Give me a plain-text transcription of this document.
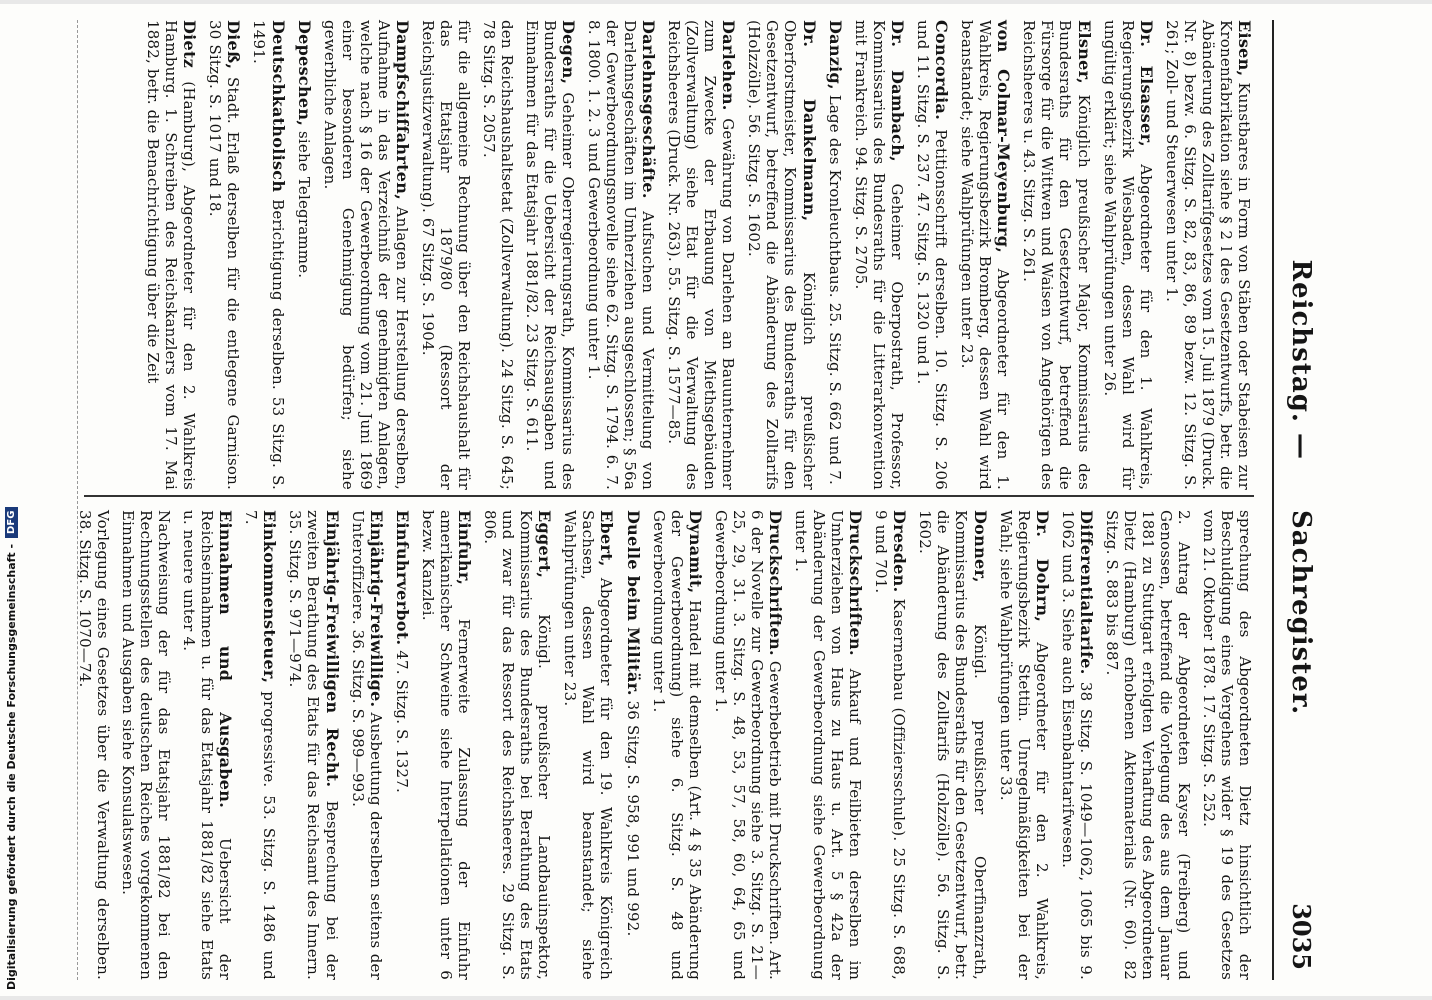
Digitalisierung gefördert durch die Deutsche Forschungsgemeinschaft -
DFG
Reichstag. —
Sachregister.
3035

Eisen, Kunstbares in Form von Stäben oder Stabeisen zur Kronenfabrikation siehe § 2 l des Gesetzentwurfs, betr. die Abänderung des Zolltarifgesetzes vom 15. Juli 1879 (Druck. Nr. 8) bezw. 6. Sitzg. S. 82, 83, 86, 89 bezw. 12. Sitzg. S. 261; Zoll- und Steuerwesen unter 1.

Dr. Elsasser, Abgeordneter für den 1. Wahlkreis, Regierungsbezirk Wiesbaden, dessen Wahl wird für ungültig erklärt; siehe Wahlprüfungen unter 26.

Elsner, Königlich preußischer Major, Kommissarius des Bundesraths für den Gesetzentwurf, betreffend die Fürsorge für die Wittwen und Waisen von Angehörigen des Reichsheeres u. 43. Sitzg. S. 261.

von Colmar-Meyenburg, Abgeordneter für den 1. Wahlkreis, Regierungsbezirk Bromberg, dessen Wahl wird beanstandet; siehe Wahlprüfungen unter 23.

Concordia. Petitionsschrift derselben. 10. Sitzg. S. 206 und 11. Sitzg. S. 237. 47. Sitzg. S. 1320 und 1.

Dr. Dambach, Geheimer Oberpostrath, Professor, Kommissarius des Bundesraths für die Litterarkonvention mit Frankreich. 94. Sitzg. S. 2705.

Danzig, Lage des Kronleuchtbaus. 25. Sitzg. S. 662 und 7.

Dr. Dankelmann, Königlich preußischer Oberforstmeister, Kommissarius des Bundesraths für den Gesetzentwurf, betreffend die Abänderung des Zolltarifs (Holzzölle). 56. Sitzg. S. 1602.

Darlehen. Gewährung von Darlehen an Bauunternehmer zum Zwecke der Erbauung von Miethsgebäuden (Zollverwaltung) siehe Etat für die Verwaltung des Reichsheeres (Druck. Nr. 263). 55. Sitzg. S. 1577—85.

Darlehnsgeschäfte. Aufsuchen und Vermittelung von Darlehnsgeschäften im Umherziehen ausgeschlossen; § 56a der Gewerbeordnungsnovelle siehe 62. Sitzg. S. 1794. 6. 7. 8. 1800. 1. 2. 3 und Gewerbeordnung unter 1.

Degen, Geheimer Oberregierungsrath, Kommissarius des Bundesraths für die Uebersicht der Reichsausgaben und Einnahmen für das Etatsjahr 1881/82. 23 Sitzg. S. 611.

den Reichshaushaltsetat (Zollverwaltung). 24 Sitzg. S. 645; 78 Sitzg. S. 2057.

für die allgemeine Rechnung über den Reichshaushalt für das Etatsjahr 1879/80 (Ressort der Reichsjustizverwaltung). 67 Sitzg. S. 1904.

Dampfschiffahrten, Anlagen zur Herstellung derselben, Aufnahme in das Verzeichniß der genehmigten Anlagen, welche nach § 16 der Gewerbeordnung vom 21. Juni 1869 einer besonderen Genehmigung bedürfen; siehe gewerbliche Anlagen.

Depeschen, siehe Telegramme.

Deutschkatholisch Berichtigung derselben. 53 Sitzg. S. 1491.

Dieß, Stadt. Erlaß derselben für die entlegene Garnison. 30 Sitzg. S. 1017 und 18.

Dietz (Hamburg), Abgeordneter für den 2. Wahlkreis Hamburg. 1. Schreiben des Reichskanzlers vom 17. Mai 1882, betr. die Benachrichtigung über die Zeit

sprechung des Abgeordneten Dietz hinsichtlich der Beschuldigung eines Vergehens wider § 19 des Gesetzes vom 21. Oktober 1878. 17. Sitzg. S. 252.

2. Antrag der Abgeordneten Kayser (Freiberg) und Genossen, betreffend die Vorlegung des aus dem Januar 1881 zu Stuttgart erfolgten Verhaftung des Abgeordneten Dietz (Hamburg) erhobenen Aktenmaterials (Nr. 60). 82 Sitzg. S. 883 bis 887.

Differentialtarife. 38 Sitzg. S. 1049—1062, 1065 bis 9. 1062 und 3. Siehe auch Eisenbahntarifwesen.

Dr. Dohrn, Abgeordneter für den 2. Wahlkreis, Regierungsbezirk Stettin. Unregelmäßigkeiten bei der Wahl; siehe Wahlprüfungen unter 33.

Donner, Königl. preußischer Oberfinanzrath, Kommissarius des Bundesraths für den Gesetzentwurf, betr. die Abänderung des Zolltarifs (Holzzölle). 56. Sitzg. S. 1602.

Dresden. Kasernenbau (Offiziersschule). 25 Sitzg. S. 688, 9 und 701.

Druckschriften. Ankauf und Feilbieten derselben im Umherziehen von Haus zu Haus u. Art. 5 § 42a der Abänderung der Gewerbeordnung siehe Gewerbeordnung unter 1.

Druckschriften. Gewerbebetrieb mit Druckschriften. Art. 6 der Novelle zur Gewerbeordnung siehe 3. Sitzg. S. 21—25, 29, 31. 3. Sitzg. S. 48, 53, 57, 58, 60, 64, 65 und Gewerbeordnung unter 1.

Dynamit, Handel mit demselben (Art. 4 § 35 Abänderung der Gewerbeordnung) siehe 6. Sitzg. S. 48 und Gewerbeordnung unter 1.

Duelle beim Militär. 36 Sitzg. S. 958, 991 und 992.

Ebert, Abgeordneter für den 19. Wahlkreis Königreich Sachsen, dessen Wahl wird beanstandet; siehe Wahlprüfungen unter 23.

Eggert, Königl. preußischer Landbauinspektor, Kommissarius des Bundesraths bei Berathung des Etats und zwar für das Ressort des Reichsheeres. 29 Sitzg. S. 806.

Einfuhr, Fernerweite Zulassung der Einfuhr amerikanischer Schweine siehe Interpellationen unter 6 bezw. Kanzlei.

Einfuhrverbot. 47. Sitzg. S. 1327.

Einjährig-Freiwillige. Ausbeutung derselben seitens der Unteroffiziere. 36. Sitzg. S. 989—993.

Einjährig-Freiwilligen Recht. Besprechung bei der zweiten Berathung des Etats für das Reichsamt des Innern. 35. Sitzg. S. 971—974.

Einkommensteuer, progressive. 53. Sitzg. S. 1486 und 7.

Einnahmen und Ausgaben. Uebersicht der Reichseinnahmen u. für das Etatsjahr 1881/82 siehe Etats u. neuere unter 4.

Nachweisung der für das Etatsjahr 1881/82 bei den Rechnungsstellen des deutschen Reiches vorgekommenen Einnahmen und Ausgaben siehe Konsulatswesen.

Vorlegung eines Gesetzes über die Verwaltung derselben. 38. Sitzg. S. 1070—74.
